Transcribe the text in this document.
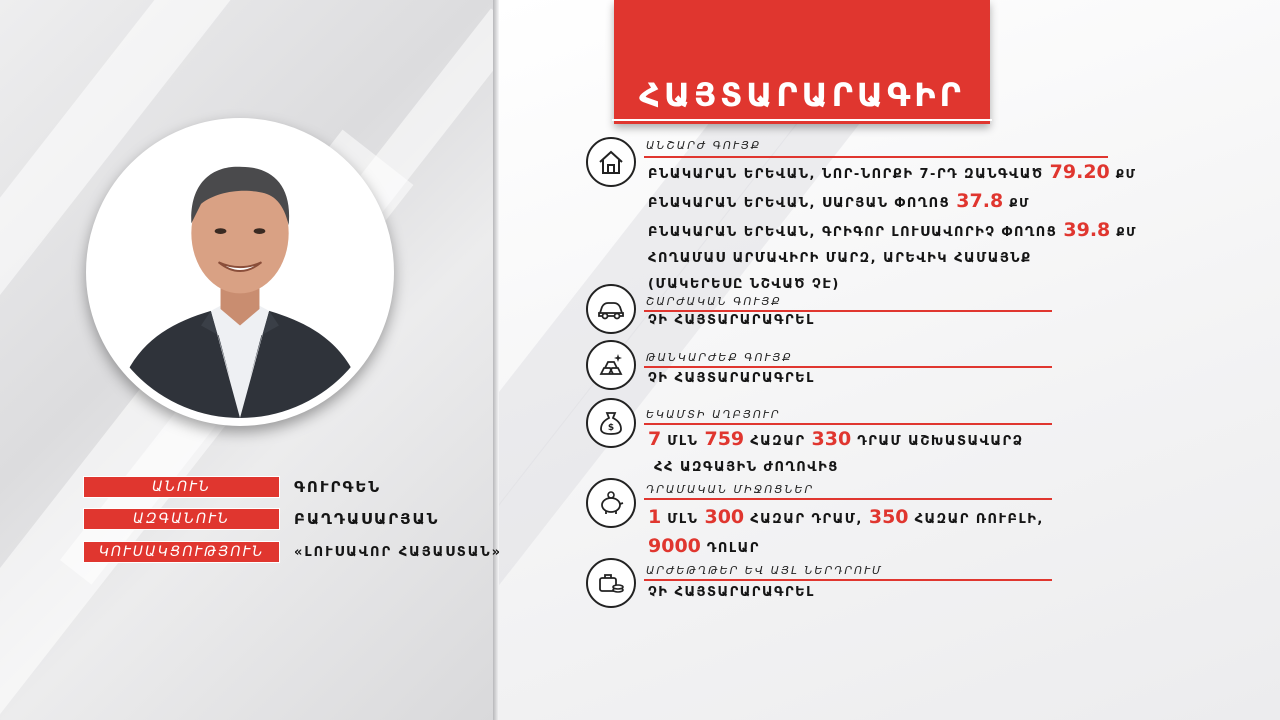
ԱՆՈՒՆ	ԳՈՒՐԳԵՆ
ԱԶԳԱՆՈՒՆ	ԲԱՂԴԱՍԱՐՅԱՆ
ԿՈՒՍԱԿՑՈՒԹՅՈՒՆ	«ԼՈՒՍԱՎՈՐ ՀԱՅԱՍՏԱՆ»
ՀԱՅՏԱՐԱՐԱԳԻՐ
ԱՆՇԱՐԺ ԳՈՒՅՔ
ԲՆԱԿԱՐԱՆ ԵՐԵՎԱՆ, ՆՈՐ-ՆՈՐՔԻ 7-ՐԴ ԶԱՆԳՎԱԾ 79.20 ՔՄ
ԲՆԱԿԱՐԱՆ ԵՐԵՎԱՆ, ՍԱՐՅԱՆ ՓՈՂՈՑ 37.8 ՔՄ
ԲՆԱԿԱՐԱՆ ԵՐԵՎԱՆ, ԳՐԻԳՈՐ ԼՈՒՍԱՎՈՐԻՉ ՓՈՂՈՑ 39.8 ՔՄ
ՀՈՂԱՄԱՍ ԱՐՄԱՎԻՐԻ ՄԱՐԶ, ԱՐԵՎԻԿ ՀԱՄԱՅՆՔ
(ՄԱԿԵՐԵՍԸ ՆՇՎԱԾ ՉԷ)
ՇԱՐԺԱԿԱՆ ԳՈՒՅՔ
ՉԻ ՀԱՅՏԱՐԱՐԱԳՐԵԼ
ԹԱՆԿԱՐԺԵՔ ԳՈՒՅՔ
ՉԻ ՀԱՅՏԱՐԱՐԱԳՐԵԼ
$
ԵԿԱՄՏԻ ԱՂԲՅՈՒՐ
7 ՄԼՆ 759 ՀԱԶԱՐ 330 ԴՐԱՄ ԱՇԽԱՏԱՎԱՐՁ
ՀՀ ԱԶԳԱՅԻՆ ԺՈՂՈՎԻՑ
ԴՐԱՄԱԿԱՆ ՄԻՋՈՑՆԵՐ
1 ՄԼՆ 300 ՀԱԶԱՐ ԴՐԱՄ, 350 ՀԱԶԱՐ ՌՈՒԲԼԻ,
9000 ԴՈԼԱՐ
ԱՐԺԵԹՂԹԵՐ ԵՎ ԱՅԼ ՆԵՐԴՐՈՒՄ
ՉԻ ՀԱՅՏԱՐԱՐԱԳՐԵԼ
